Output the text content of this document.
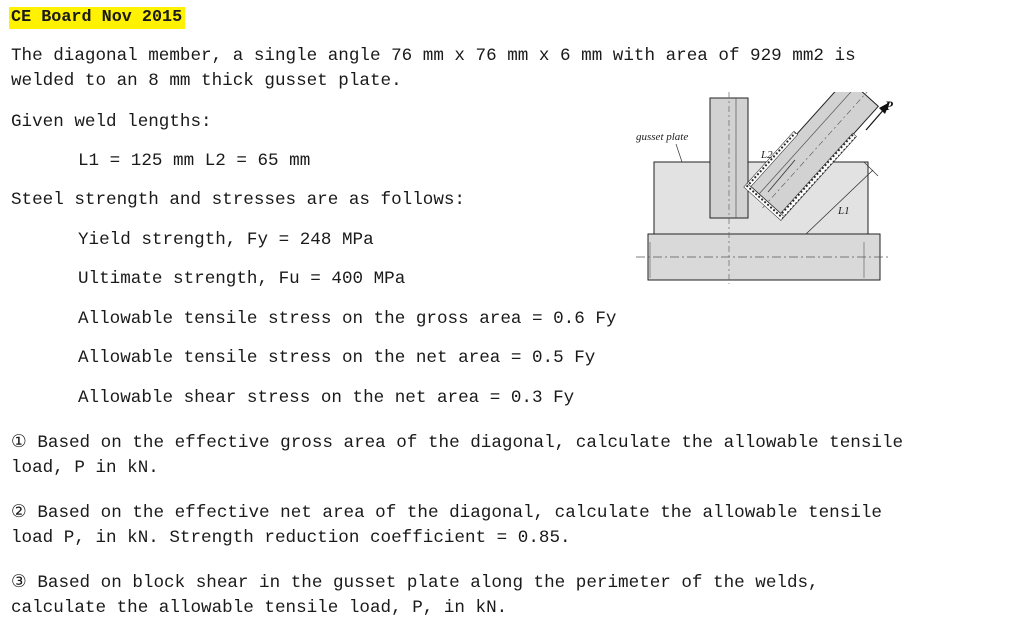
CE Board Nov 2015
The diagonal member, a single angle 76 mm x 76 mm x 6 mm with area of 929 mm2 is
welded to an 8 mm thick gusset plate.
Given weld lengths:
L1 = 125 mm L2 = 65 mm
Steel strength and stresses are as follows:
Yield strength, Fy = 248 MPa
Ultimate strength, Fu = 400 MPa
Allowable tensile stress on the gross area = 0.6 Fy
Allowable tensile stress on the net area = 0.5 Fy
Allowable shear stress on the net area = 0.3 Fy
① Based on the effective gross area of the diagonal, calculate the allowable tensile
load, P in kN.
② Based on the effective net area of the diagonal, calculate the allowable tensile
load P, in kN. Strength reduction coefficient = 0.85.
③ Based on block shear in the gusset plate along the perimeter of the welds,
calculate the allowable tensile load, P, in kN.
gusset plate
L2
L1
P
